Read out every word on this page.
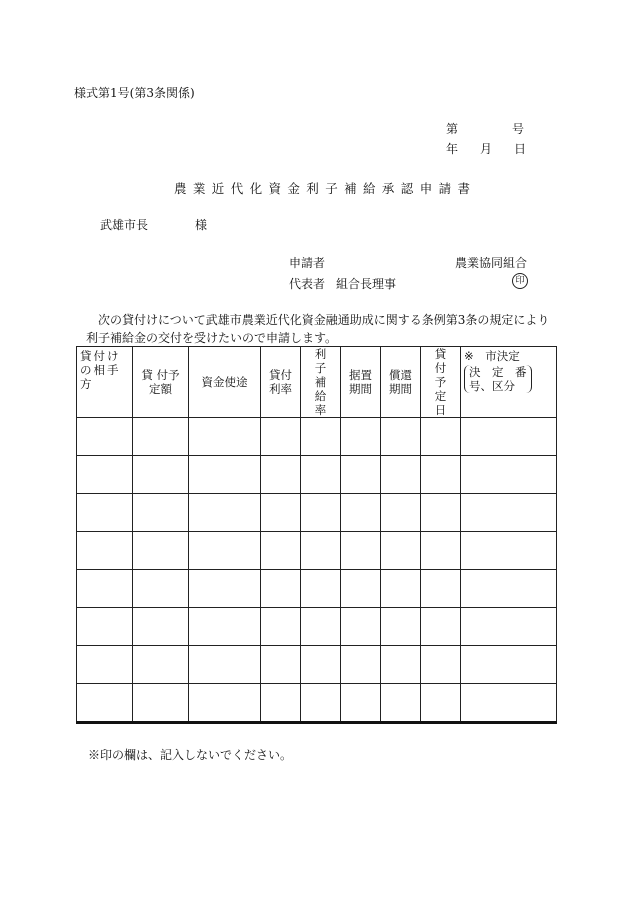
様式第1号(第3条関係)
第	号
年 月 日
農業近代化資金利子補給承認申請書
武雄市長	様
申請者	農業協同組合
代表者 組合長理事	印
次の貸付けについて武雄市農業近代化資金融通助成に関する条例第3条の規定により
利子補給金の交付を受けたいので申請します。
貸付けの相手方	貸 付予定額	資金使途	貸付利率	利子補給率	据置期間	償還期間	貸付予定日	※ 市決定
決　定　番
号、区分

※印の欄は、記入しないでください。
